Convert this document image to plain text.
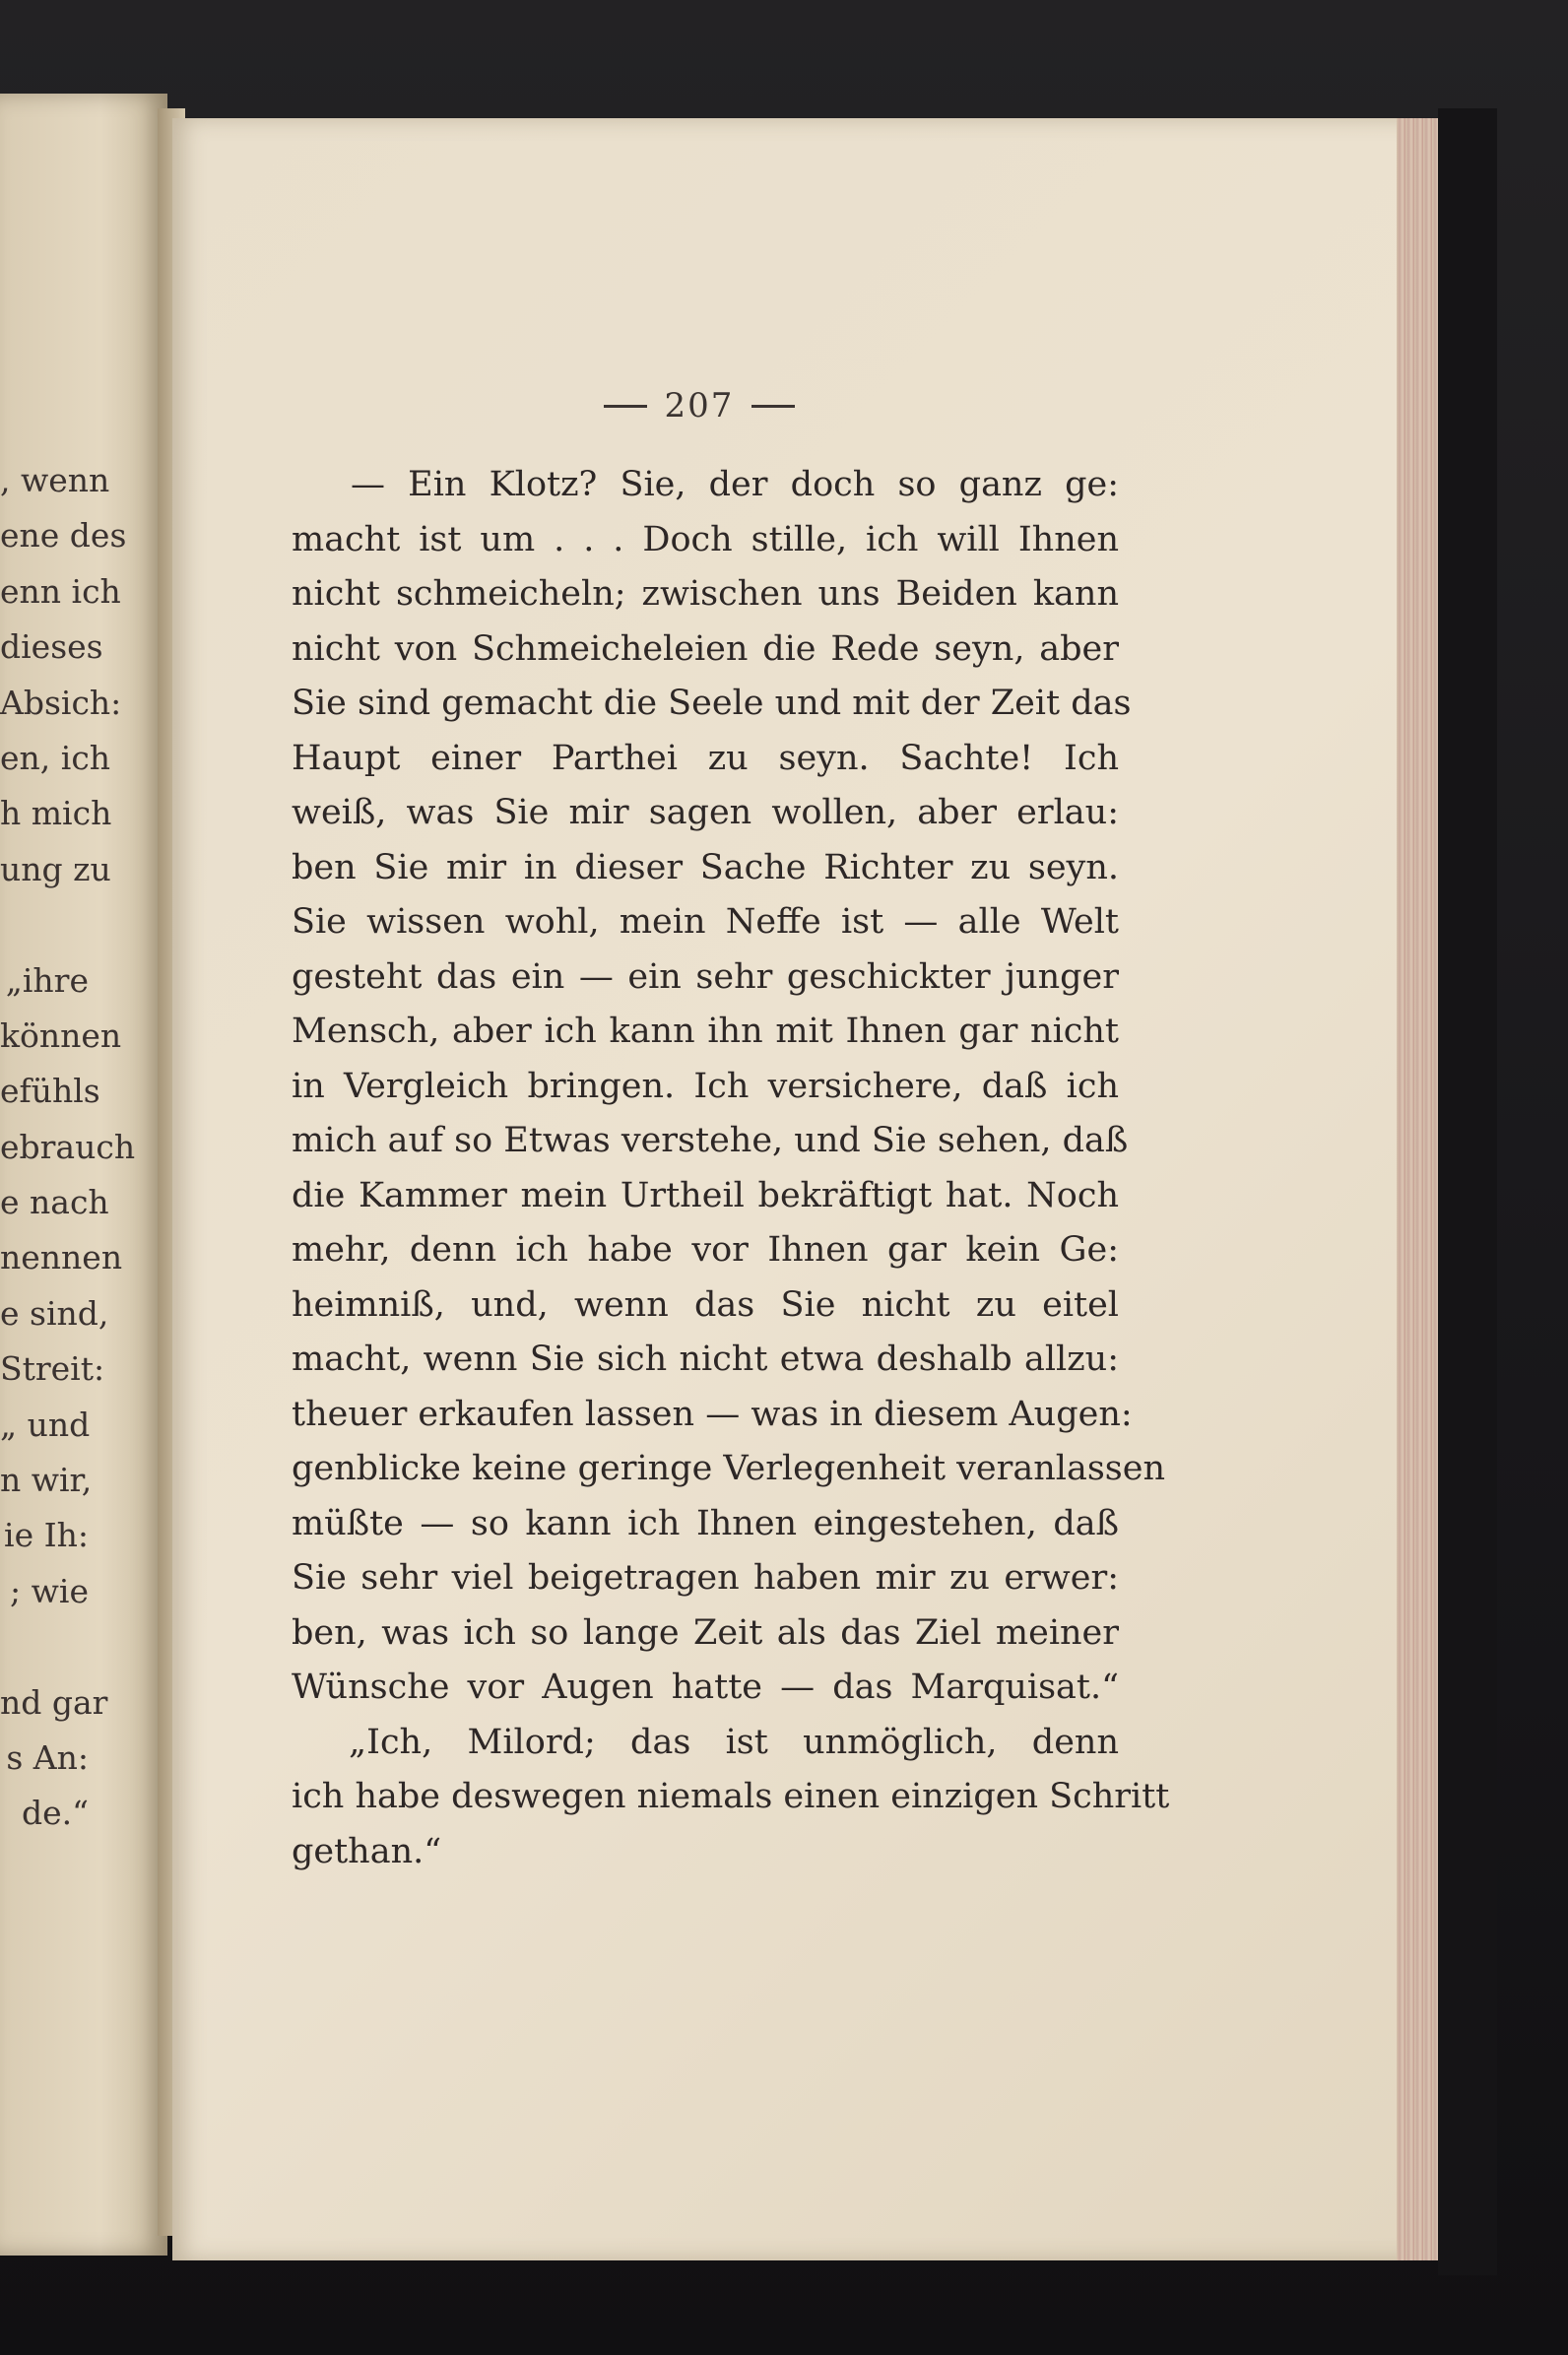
, wenn
ene des
enn ich
dieses
Absich:
en, ich
h mich
ung zu
„ihre
können
efühls
ebrauch
e nach
nennen
e sind,
Streit:
„ und
n wir,
ie Ih:
; wie
nd gar
s An:
de.“
207
— Ein Klotz? Sie, der doch so ganz ge:
macht ist um . . . Doch stille, ich will Ihnen
nicht schmeicheln; zwischen uns Beiden kann
nicht von Schmeicheleien die Rede seyn, aber
Sie sind gemacht die Seele und mit der Zeit das
Haupt einer Parthei zu seyn. Sachte! Ich
weiß, was Sie mir sagen wollen, aber erlau:
ben Sie mir in dieser Sache Richter zu seyn.
Sie wissen wohl, mein Neffe ist — alle Welt
gesteht das ein — ein sehr geschickter junger
Mensch, aber ich kann ihn mit Ihnen gar nicht
in Vergleich bringen. Ich versichere, daß ich
mich auf so Etwas verstehe, und Sie sehen, daß
die Kammer mein Urtheil bekräftigt hat. Noch
mehr, denn ich habe vor Ihnen gar kein Ge:
heimniß, und, wenn das Sie nicht zu eitel
macht, wenn Sie sich nicht etwa deshalb allzu:
theuer erkaufen lassen — was in diesem Augen:
genblicke keine geringe Verlegenheit veranlassen
müßte — so kann ich Ihnen eingestehen, daß
Sie sehr viel beigetragen haben mir zu erwer:
ben, was ich so lange Zeit als das Ziel meiner
Wünsche vor Augen hatte — das Marquisat.“
„Ich, Milord; das ist unmöglich, denn
ich habe deswegen niemals einen einzigen Schritt
gethan.“
